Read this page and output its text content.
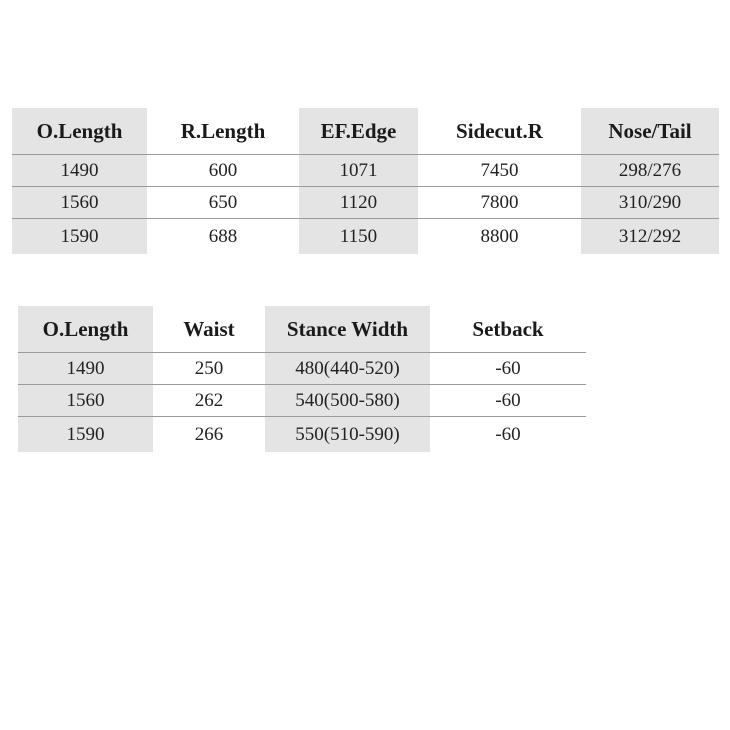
O.Length	R.Length	EF.Edge	Sidecut.R	Nose/Tail
1490	600	1071	7450	298/276
1560	650	1120	7800	310/290
1590	688	1150	8800	312/292
O.Length	Waist	Stance Width	Setback
1490	250	480(440-520)	-60
1560	262	540(500-580)	-60
1590	266	550(510-590)	-60
